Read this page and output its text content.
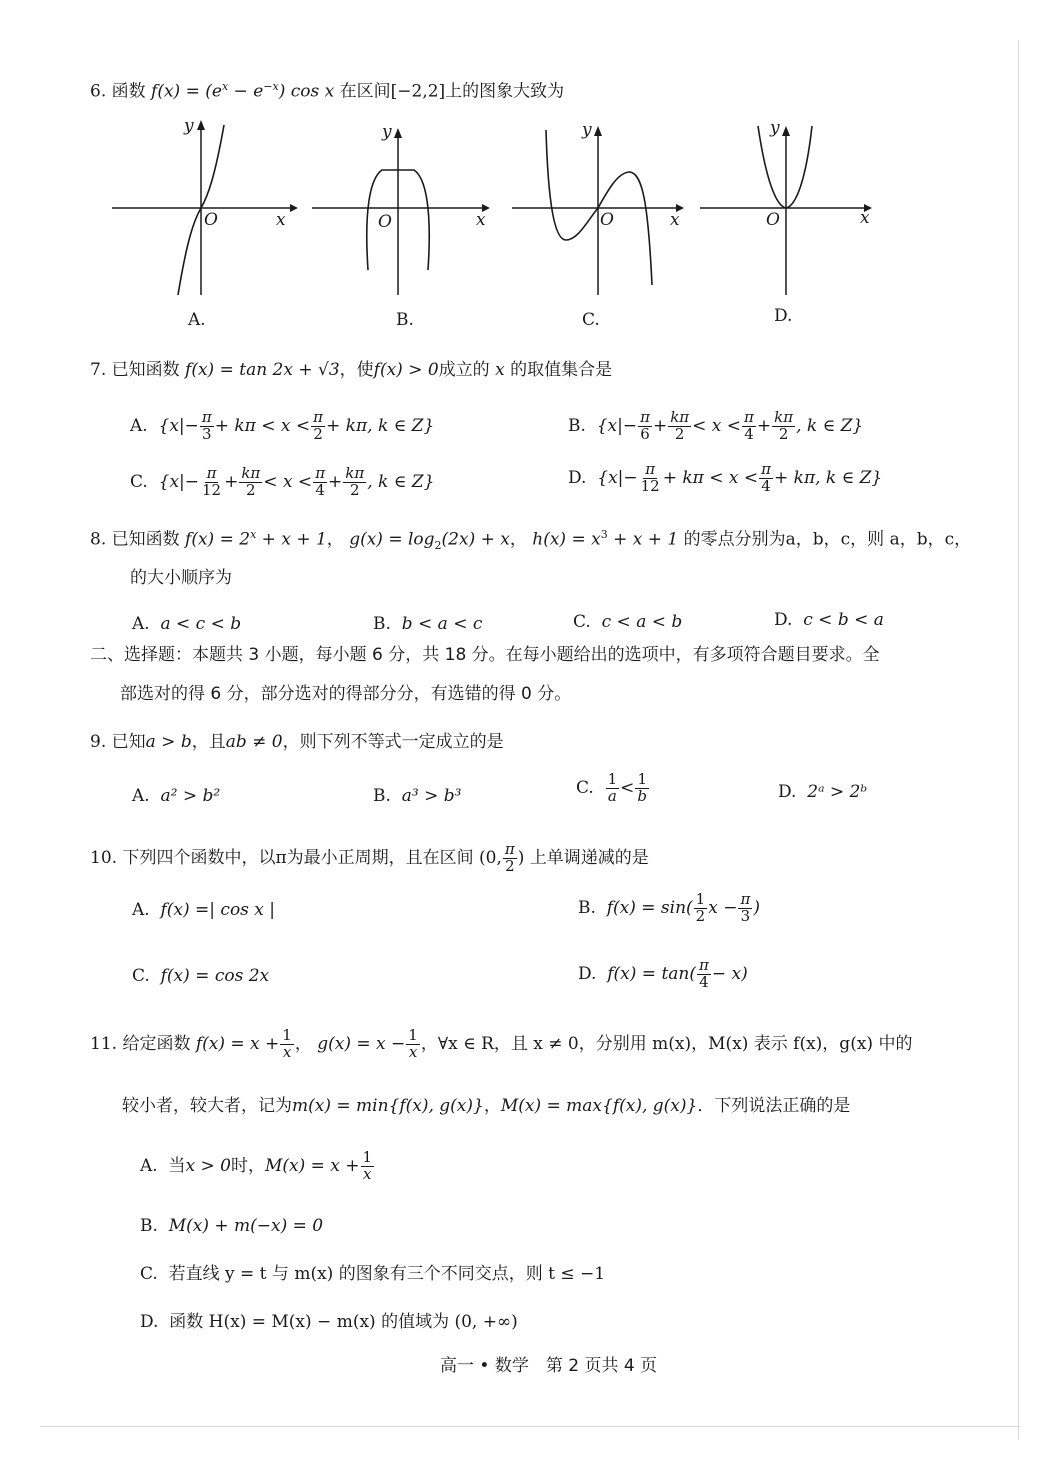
6. 函数 $f(x) = (e^x - e^{-x})$ cos x 在区间[−2,2]上的图象大致为
y
x
O
A.
y
x
O
B.
y
x
O
C.
y
x
O
D.
7. 已知函数 f(x) = tan 2x + √3，使f(x) > 0成立的 x 的取值集合是
A. {$x|- \frac{\pi}{3} + k\pi < x < \frac{\pi}{2} + k\pi$, k ∈ Z}	B. {$x|- \frac{\pi}{6} + \frac{k\pi}{2} < x < \frac{\pi}{4} + \frac{k\pi}{2}$ , k ∈ Z}
C. {$x|- \frac{\pi}{12} + \frac{k\pi}{2} < x < \frac{\pi}{4} + \frac{k\pi}{2}$ , k ∈ Z}	D. {$x|- \frac{\pi}{12} + k\pi < x < \frac{\pi}{4} + k\pi$, k ∈ Z}
8. 已知函数 $f(x) = 2^x + x + 1$， $g(x) = \log_2(2x) + x$， $h(x) = x^3 + x + 1$ 的零点分别为a，b，c，则 a，b，c，
的大小顺序为
A. a < c < b	B. b < a < c	C. c < a < b	D. c < b < a
二、选择题：本题共 3 小题，每小题 6 分，共 18 分。在每小题给出的选项中，有多项符合题目要求。全
部选对的得 6 分，部分选对的得部分分，有选错的得 0 分。
9. 已知a > b，且ab ≠ 0，则下列不等式一定成立的是
A. a² > b²	B. a³ > b³	C. $\frac{1}{a} < \frac{1}{b}$	D. 2ᵃ > 2ᵇ
10. 下列四个函数中，以π为最小正周期，且在区间 (0, $\frac{\pi}{2}$ ) 上单调递减的是
A. f(x) =| cos x |	B. $f(x) = \sin( \frac{1}{2}$ $x - \frac{\pi}{3}$ )
C. f(x) = cos 2x	D. $f(x) = \tan( \frac{\pi}{4} - x)$
11. 给定函数 $f(x) = x + \frac{1}{x}$ ， $g(x) = x - \frac{1}{x}$ ，∀x ∈ R，且 x ≠ 0，分别用 m(x)，M(x) 表示 f(x)，g(x) 中的
较小者，较大者，记为m(x) = min{f(x), g(x)}，M(x) = max{f(x), g(x)}．下列说法正确的是
A. 当x > 0时，$M(x) = x + \frac{1}{x}$
B. M(x) + m(−x) = 0
C. 若直线 y = t 与 m(x) 的图象有三个不同交点，则 t ≤ −1
D. 函数 H(x) = M(x) − m(x) 的值域为 (0, +∞)
高一 • 数学　第 2 页共 4 页
